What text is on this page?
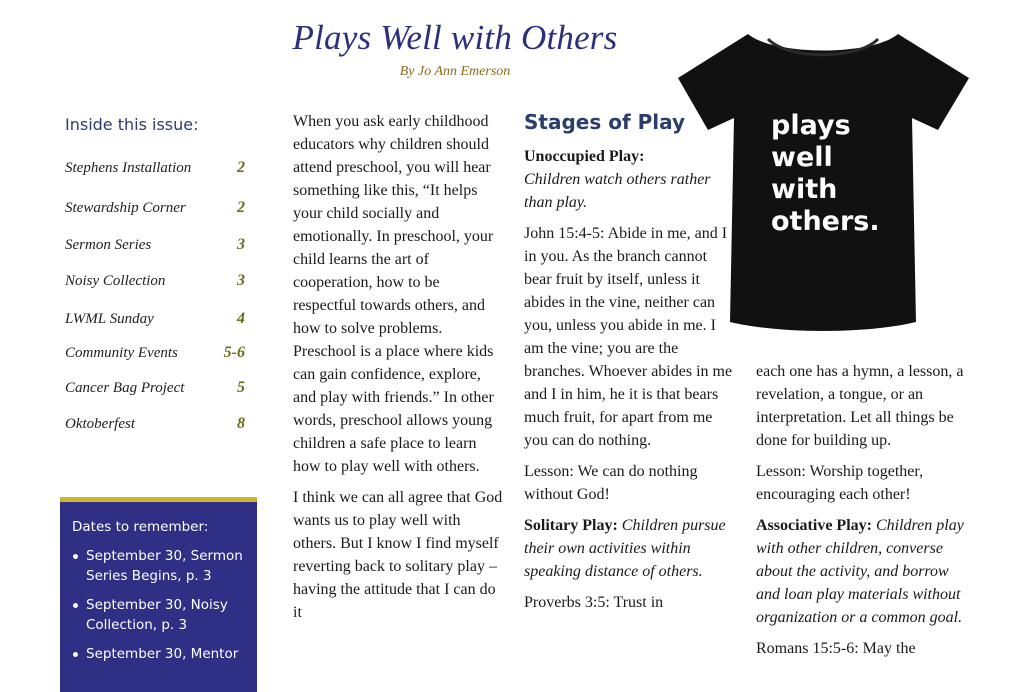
Plays Well with Others
By Jo Ann Emerson
Inside this issue:
Stephens Installation	2
Stewardship Corner	2
Sermon Series	3
Noisy Collection	3
LWML Sunday	4
Community Events	5-6
Cancer Bag Project	5
Oktoberfest	8
Dates to remember:
September 30, Sermon Series Begins, p. 3
September 30, Noisy Collection, p. 3
September 30, Mentor

When you ask early childhood educators why children should attend preschool, you will hear something like this, “It helps your child socially and emotionally. In preschool, your child learns the art of cooperation, how to be respectful towards others, and how to solve problems. Preschool is a place where kids can gain confidence, explore, and play with friends.” In other words, preschool allows young children a safe place to learn how to play well with others.

I think we can all agree that God wants us to play well with others. But I know I find myself reverting back to solitary play – having the attitude that I can do it

Stages of Play

Unoccupied Play:
Children watch others rather than play.

John 15:4-5: Abide in me, and I in you. As the branch cannot bear fruit by itself, unless it abides in the vine, neither can you, unless you abide in me. I am the vine; you are the branches. Whoever abides in me and I in him, he it is that bears much fruit, for apart from me you can do nothing.

Lesson: We can do nothing without God!

Solitary Play: Children pursue their own activities within speaking distance of others.

Proverbs 3:5: Trust in

plays
well
with
others.

each one has a hymn, a lesson, a revelation, a tongue, or an interpretation. Let all things be done for building up.

Lesson: Worship together, encouraging each other!

Associative Play: Children play with other children, converse about the activity, and borrow and loan play materials without organization or a common goal.

Romans 15:5-6: May the
